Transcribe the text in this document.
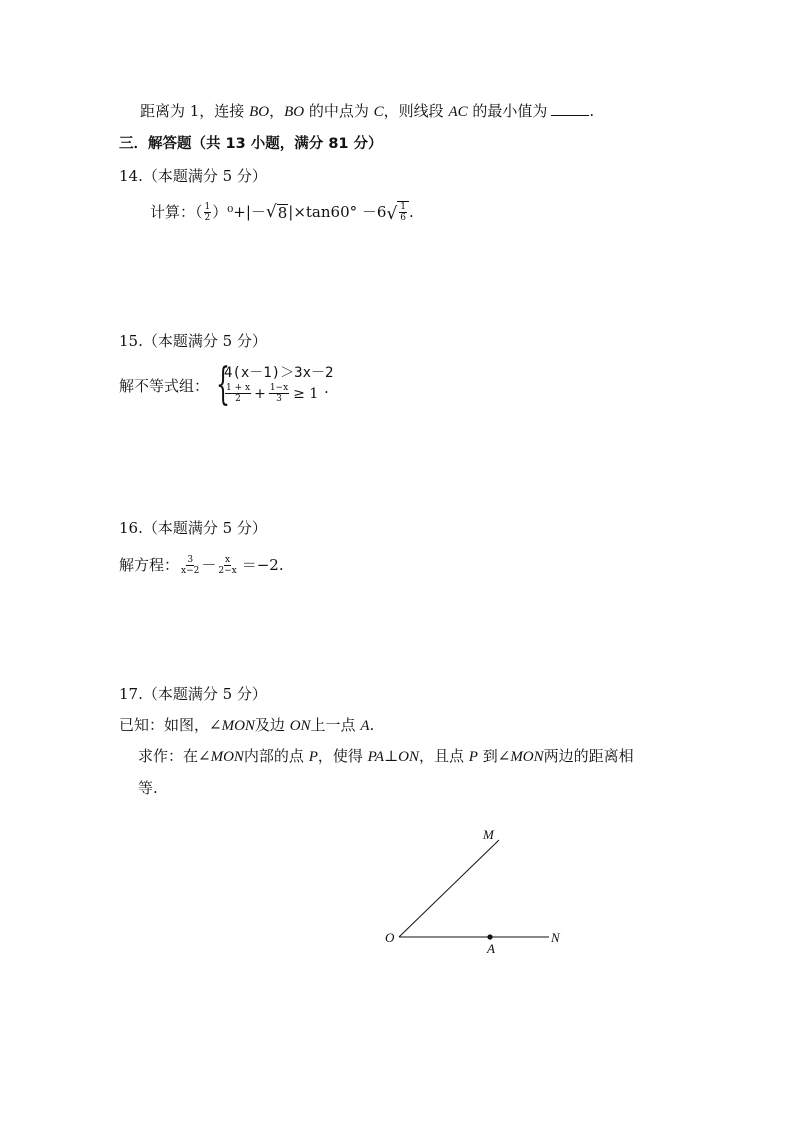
距离为 1，连接 BO，BO 的中点为 C，则线段 AC 的最小值为	.
三．解答题（共 13 小题，满分 81 分）
14.（本题满分 5 分）
计算：（ $\frac{1}{2} )^0+|-$ √ 8 |×tan60° －6 √ $\frac{1}{6}$ .
15.（本题满分 5 分）
解不等式组： {
4(x－1)＞3x－2
$\frac{1 + x}{2} + \frac{1-x}{3} \ge 1$ .
16.（本题满分 5 分）
解方程： $\frac{3}{x-2} - \frac{x}{2-x} =-2$.
17.（本题满分 5 分）
已知：如图，∠MON及边 ON上一点 A.
求作：在∠MON内部的点 P，使得 PA⊥ON，且点 P 到∠MON两边的距离相
等.
M
O
A
N
